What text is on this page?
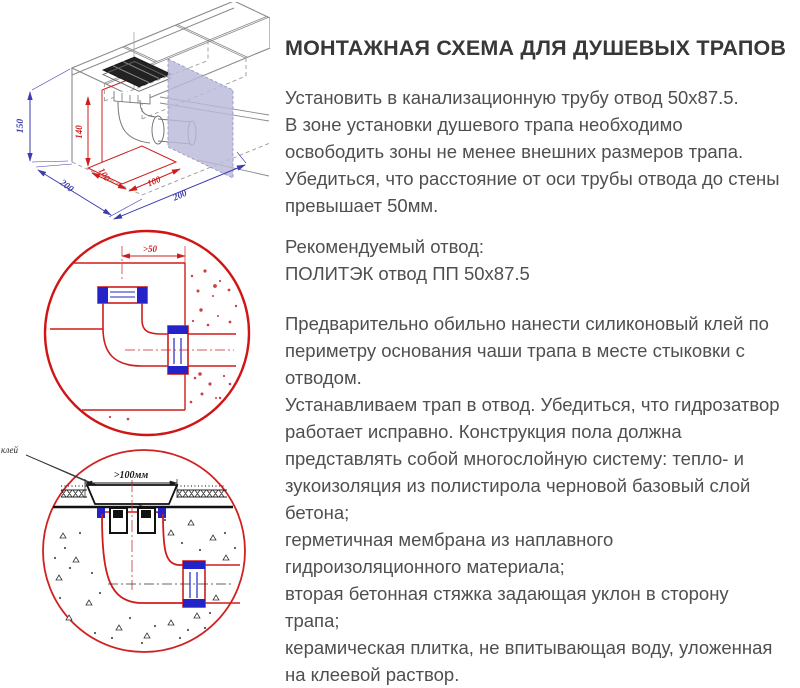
МОНТАЖНАЯ СХЕМА ДЛЯ ДУШЕВЫХ ТРАПОВ
Установить в канализационную трубу отвод 50х87.5.
В зоне установки душевого трапа необходимо
освободить зоны не менее внешних размеров трапа.
Убедиться, что расстояние от оси трубы отвода до стены
превышает 50мм.
Рекомендуемый отвод:
ПОЛИТЭК отвод ПП 50х87.5
Предварительно обильно нанести силиконовый клей по
периметру основания чаши трапа в месте стыковки с
отводом.
Устанавливаем трап в отвод. Убедиться, что гидрозатвор
работает исправно. Конструкция пола должна
представлять собой многослойную систему: тепло- и
зукоизоляция из полистирола черновой базовый слой
бетона;
герметичная мембрана из наплавного
гидроизоляционного материала;
вторая бетонная стяжка задающая уклон в сторону
трапа;
керамическая плитка, не впитывающая воду, уложенная
на клеевой раствор.
140
100	100
150
200
200
>50
клей
>100мм
